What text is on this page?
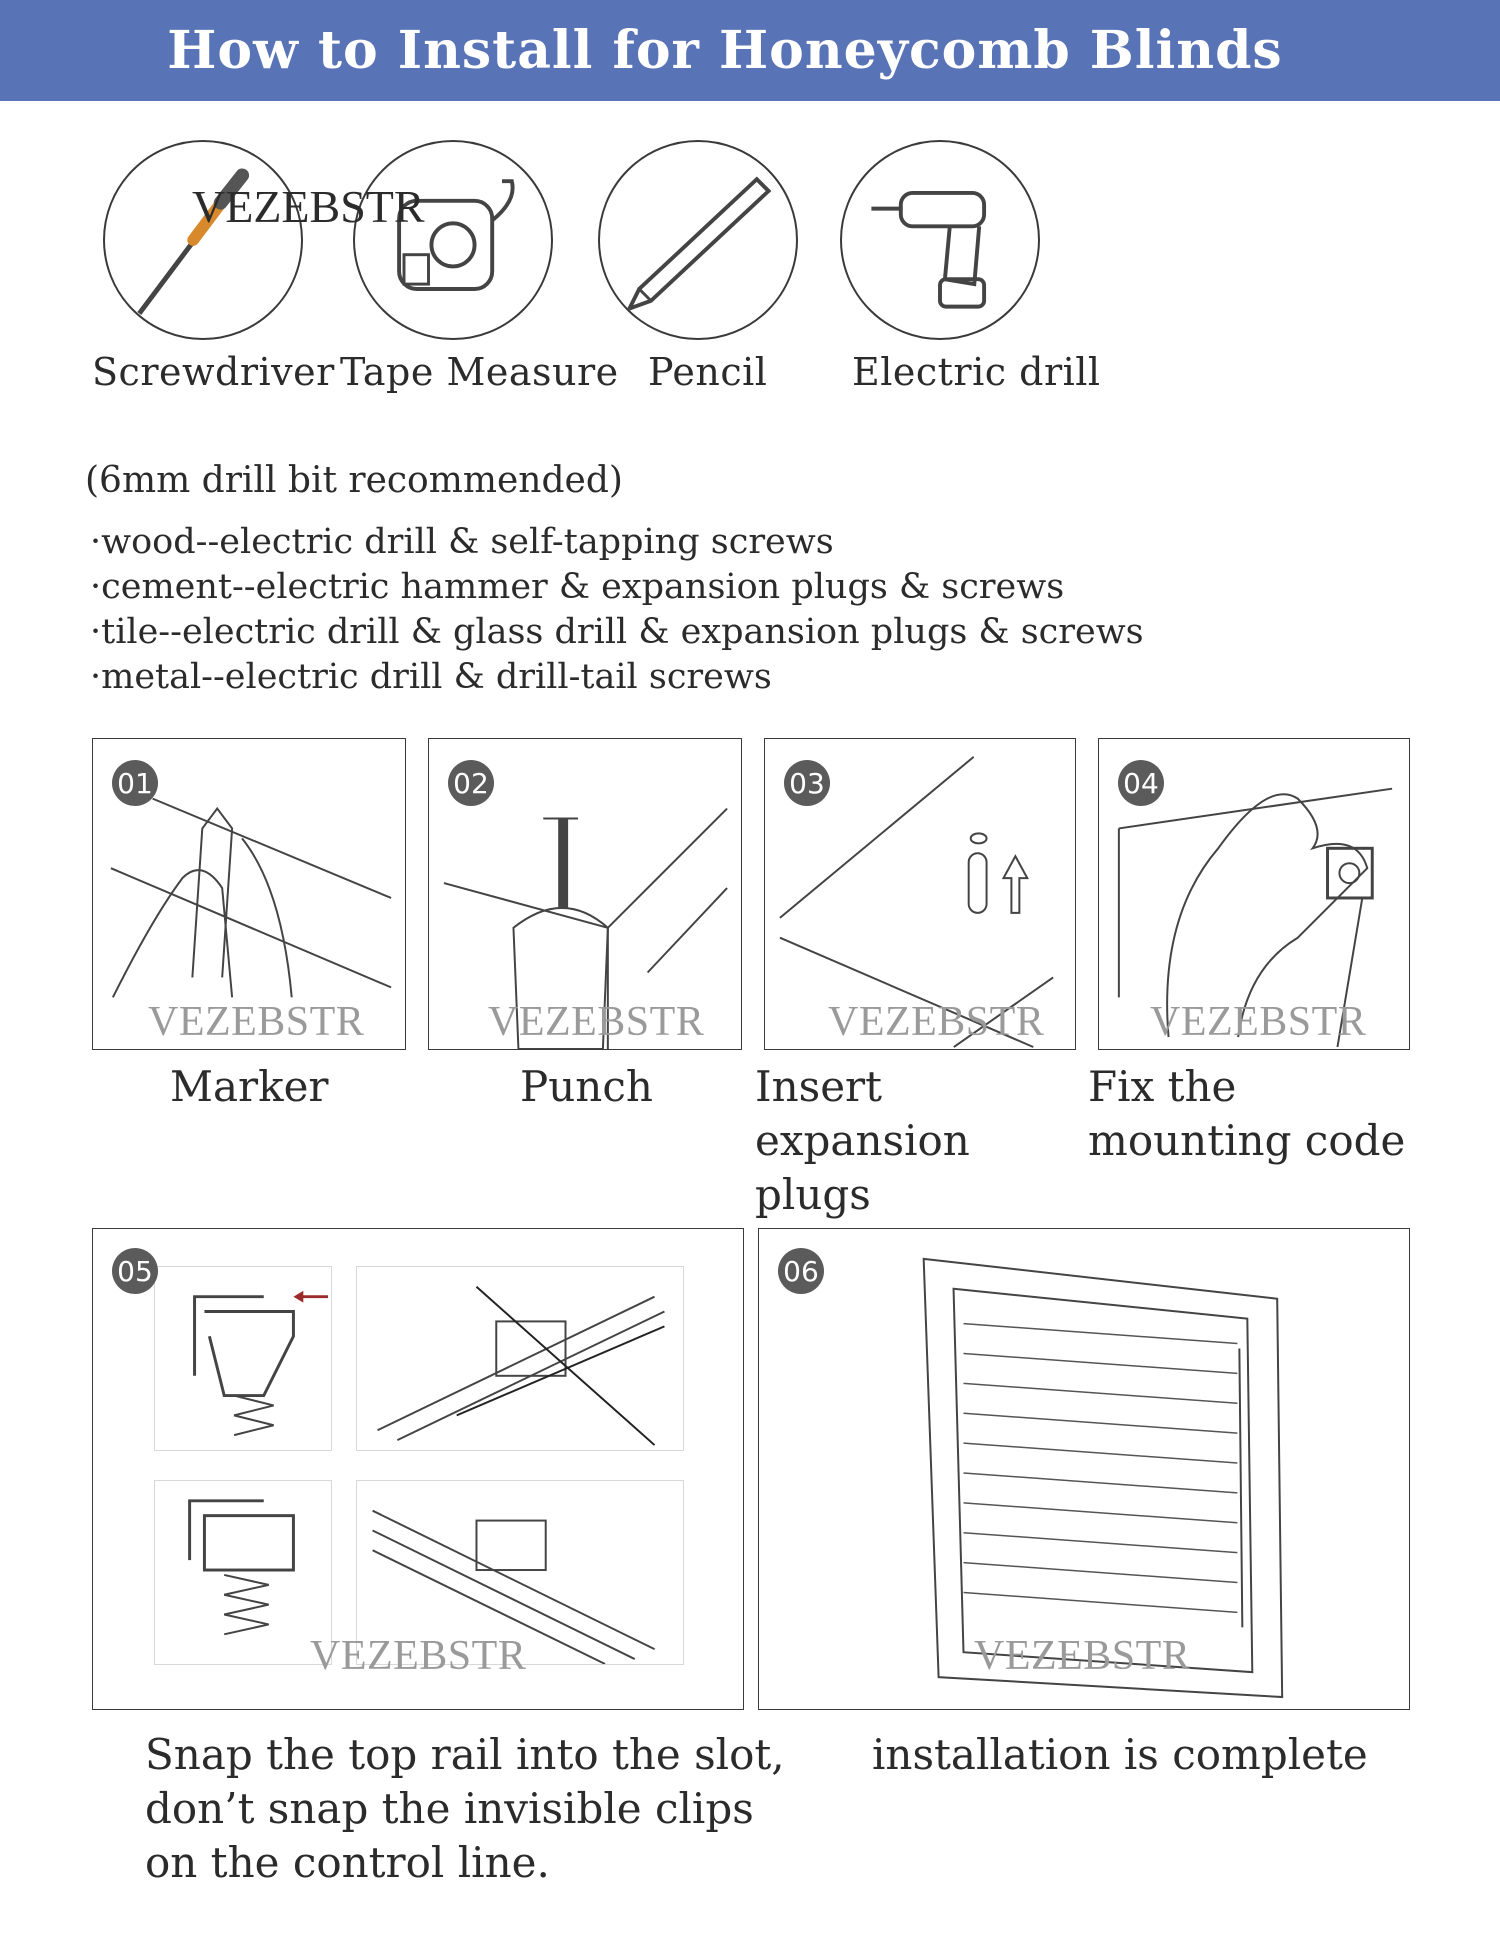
How to Install for Honeycomb Blinds
VEZEBSTR
Screwdriver Tape Measure Pencil Electric drill
(6mm drill bit recommended)
·wood--electric drill & self-tapping screws
·cement--electric hammer & expansion plugs & screws
·tile--electric drill & glass drill & expansion plugs & screws
·metal--electric drill & drill-tail screws
01
VEZEBSTR
02
VEZEBSTR
03
VEZEBSTR
04
VEZEBSTR
Marker	Punch Insert expansion plugs
Fix the mounting code
05
VEZEBSTR
06
VEZEBSTR
Snap the top rail into the slot,
don’t snap the invisible clips
on the control line.
installation is complete
